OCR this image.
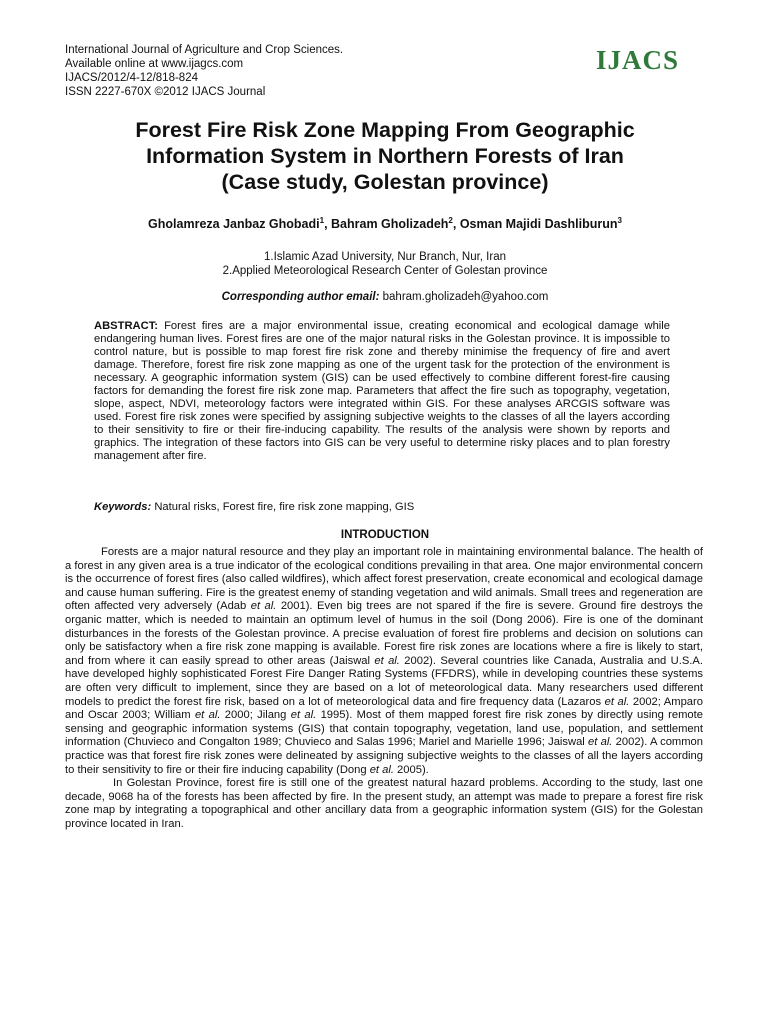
International Journal of Agriculture and Crop Sciences.
Available online at www.ijagcs.com
IJACS/2012/4-12/818-824
ISSN 2227-670X ©2012 IJACS Journal
IJACS
Forest Fire Risk Zone Mapping From Geographic
Information System in Northern Forests of Iran
(Case study, Golestan province)
Gholamreza Janbaz Ghobadi$^1$, Bahram Gholizadeh$^2$, Osman Majidi Dashliburun$^3$
1.Islamic Azad University, Nur Branch, Nur, Iran
2.Applied Meteorological Research Center of Golestan province
Corresponding author email: bahram.gholizadeh@yahoo.com
ABSTRACT: Forest fires are a major environmental issue, creating economical and ecological damage while endangering human lives. Forest fires are one of the major natural risks in the Golestan province. It is impossible to control nature, but is possible to map forest fire risk zone and thereby minimise the frequency of fire and avert damage. Therefore, forest fire risk zone mapping as one of the urgent task for the protection of the environment is necessary. A geographic information system (GIS) can be used effectively to combine different forest-fire causing factors for demanding the forest fire risk zone map. Parameters that affect the fire such as topography, vegetation, slope, aspect, NDVI, meteorology factors were integrated within GIS. For these analyses ARCGIS software was used. Forest fire risk zones were specified by assigning subjective weights to the classes of all the layers according to their sensitivity to fire or their fire-inducing capability. The results of the analysis were shown by reports and graphics. The integration of these factors into GIS can be very useful to determine risky places and to plan forestry management after fire.
Keywords: Natural risks, Forest fire, fire risk zone mapping, GIS
INTRODUCTION

Forests are a major natural resource and they play an important role in maintaining environmental balance. The health of a forest in any given area is a true indicator of the ecological conditions prevailing in that area. One major environmental concern is the occurrence of forest fires (also called wildfires), which affect forest preservation, create economical and ecological damage and cause human suffering. Fire is the greatest enemy of standing vegetation and wild animals. Small trees and regeneration are often affected very adversely (Adab et al. 2001). Even big trees are not spared if the fire is severe. Ground fire destroys the organic matter, which is needed to maintain an optimum level of humus in the soil (Dong 2006). Fire is one of the dominant disturbances in the forests of the Golestan province. A precise evaluation of forest fire problems and decision on solutions can only be satisfactory when a fire risk zone mapping is available. Forest fire risk zones are locations where a fire is likely to start, and from where it can easily spread to other areas (Jaiswal et al. 2002). Several countries like Canada, Australia and U.S.A. have developed highly sophisticated Forest Fire Danger Rating Systems (FFDRS), while in developing countries these systems are often very difficult to implement, since they are based on a lot of meteorological data. Many researchers used different models to predict the forest fire risk, based on a lot of meteorological data and fire frequency data (Lazaros et al. 2002; Amparo and Oscar 2003; William et al. 2000; Jilang et al. 1995). Most of them mapped forest fire risk zones by directly using remote sensing and geographic information systems (GIS) that contain topography, vegetation, land use, population, and settlement information (Chuvieco and Congalton 1989; Chuvieco and Salas 1996; Mariel and Marielle 1996; Jaiswal et al. 2002). A common practice was that forest fire risk zones were delineated by assigning subjective weights to the classes of all the layers according to their sensitivity to fire or their fire inducing capability (Dong et al. 2005).

In Golestan Province, forest fire is still one of the greatest natural hazard problems. According to the study, last one decade, 9068 ha of the forests has been affected by fire. In the present study, an attempt was made to prepare a forest fire risk zone map by integrating a topographical and other ancillary data from a geographic information system (GIS) for the Golestan province located in Iran.
